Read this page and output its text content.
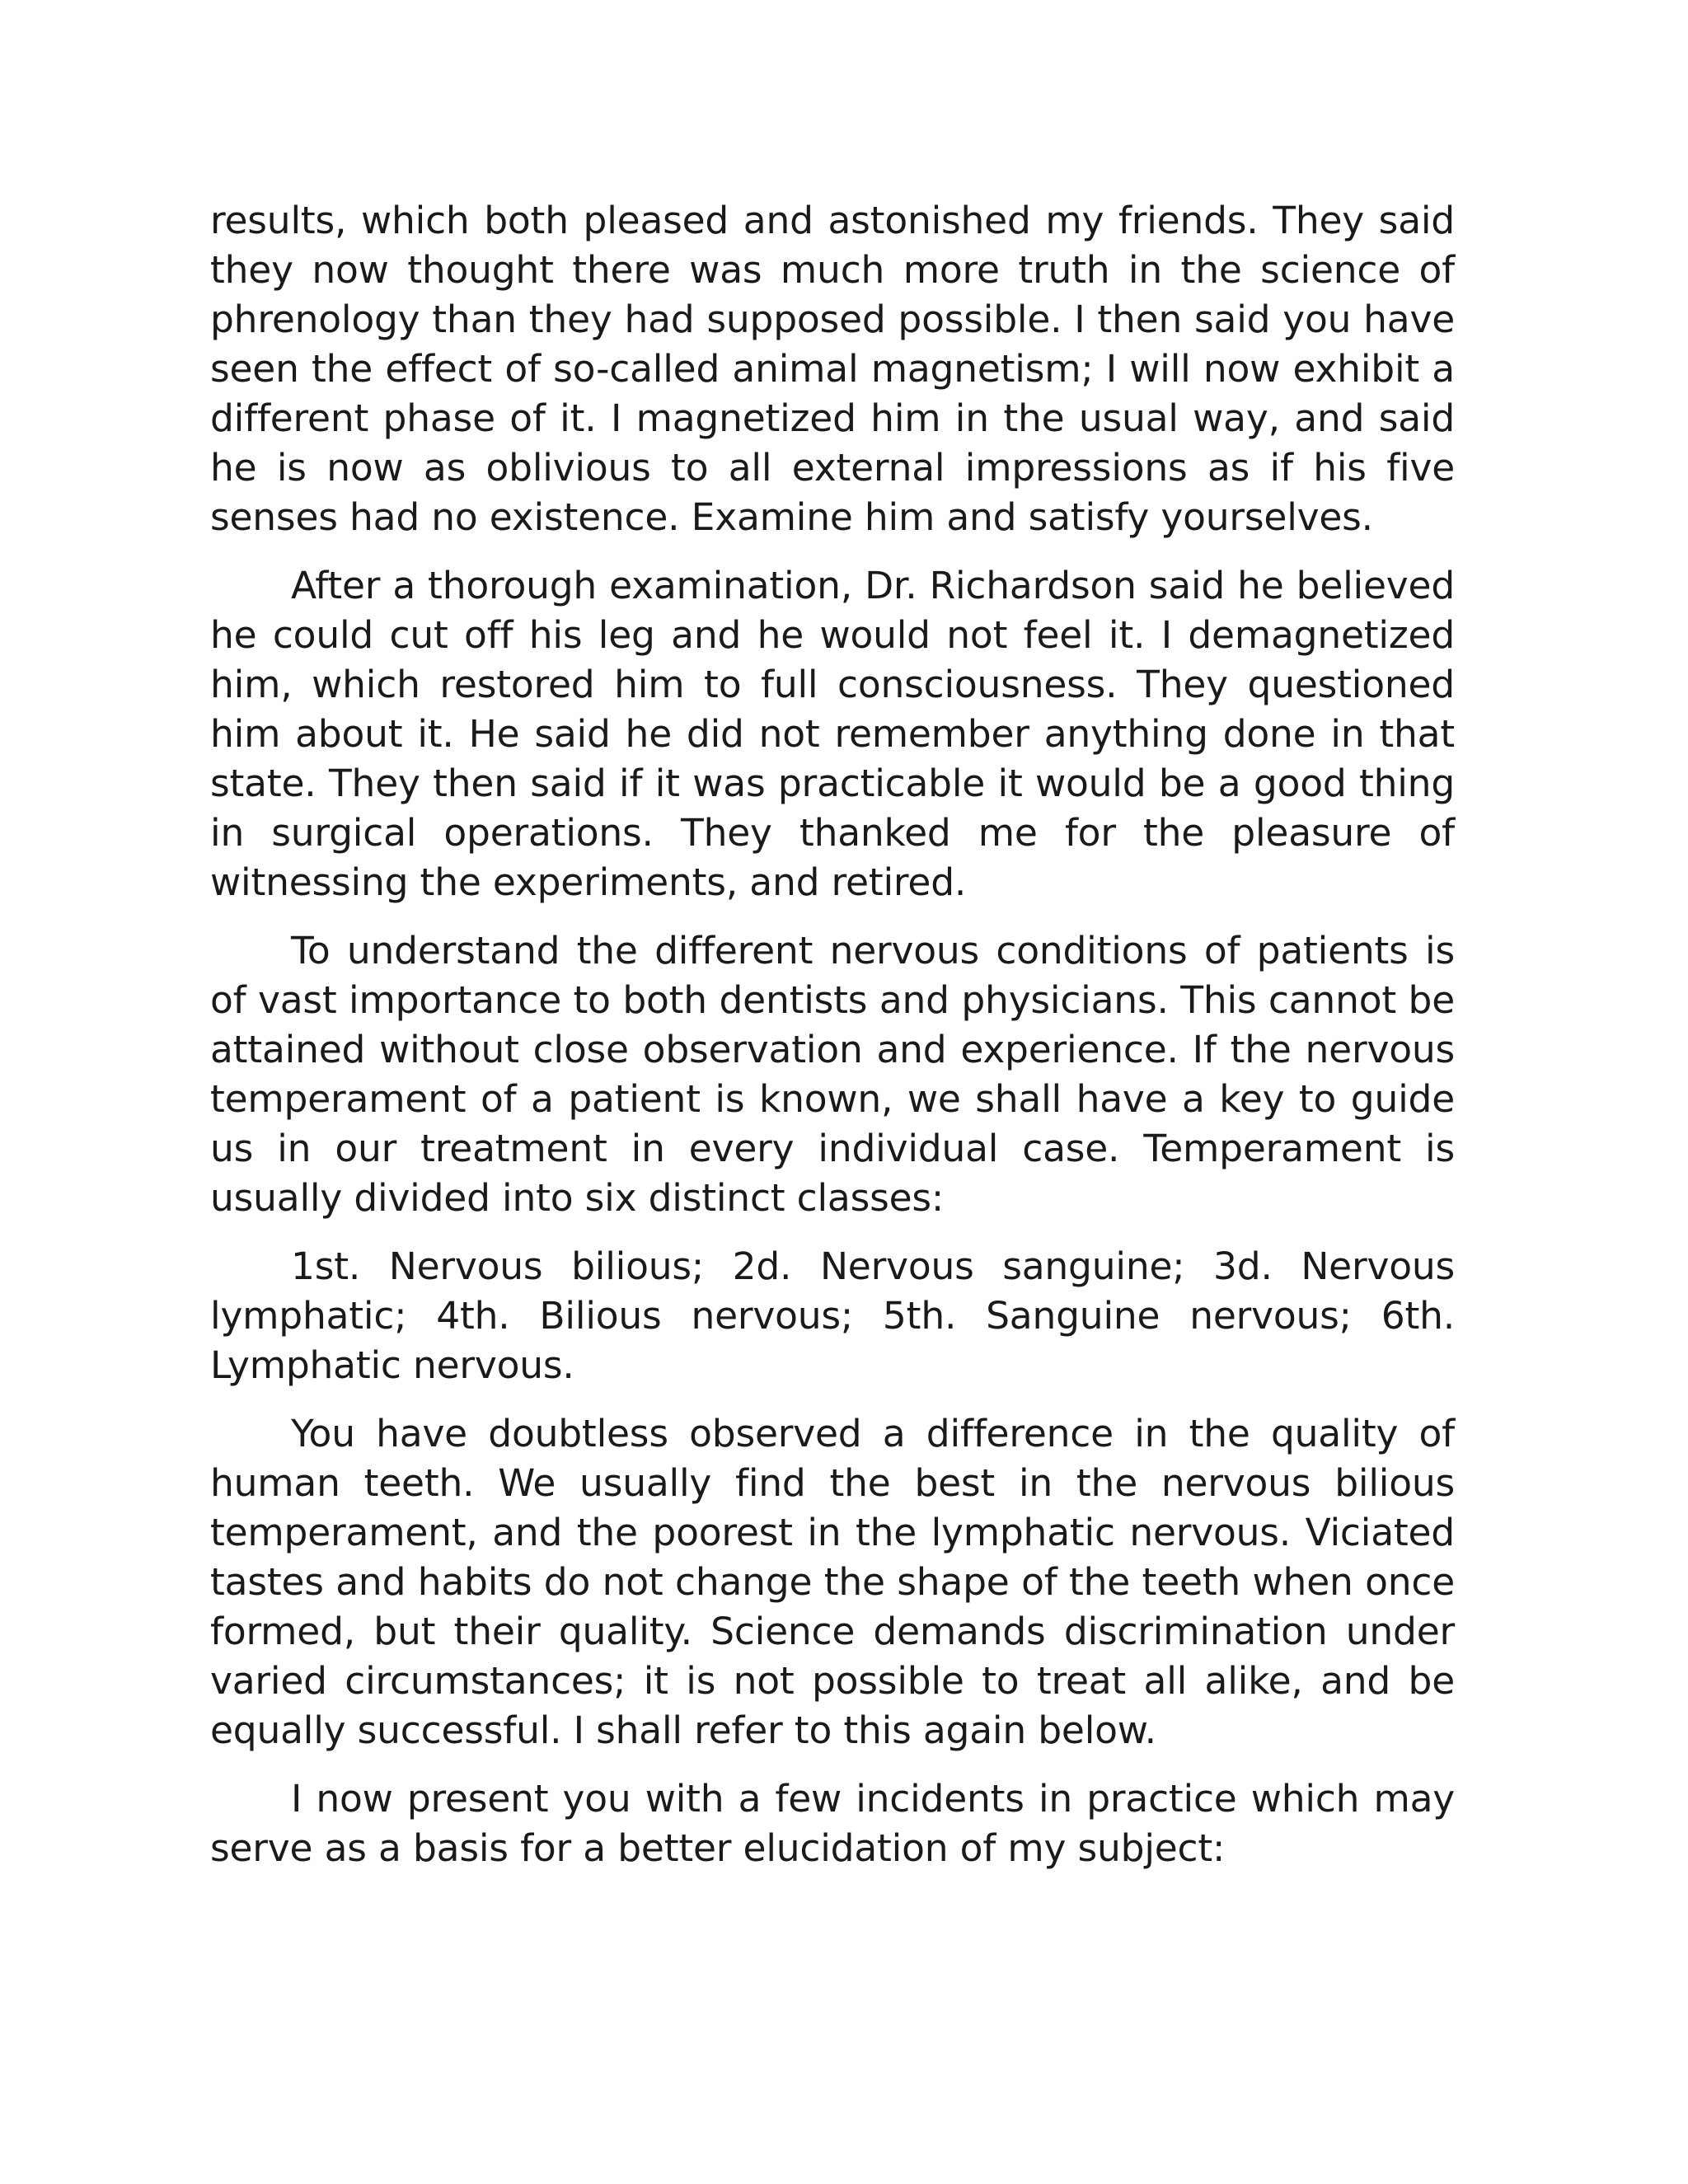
results, which both pleased and astonished my friends. They said they now thought there was much more truth in the science of phrenology than they had supposed possible. I then said you have seen the effect of so-called animal magnetism; I will now exhibit a different phase of it. I magnetized him in the usual way, and said he is now as oblivious to all external impressions as if his five senses had no existence. Examine him and satisfy yourselves.

After a thorough examination, Dr. Richardson said he believed he could cut off his leg and he would not feel it. I demagnetized him, which restored him to full consciousness. They questioned him about it. He said he did not remember anything done in that state. They then said if it was practicable it would be a good thing in surgical operations. They thanked me for the pleasure of witnessing the experiments, and retired.

To understand the different nervous conditions of patients is of vast importance to both dentists and physicians. This cannot be attained without close observation and experience. If the nervous temperament of a patient is known, we shall have a key to guide us in our treatment in every individual case. Temperament is usually divided into six distinct classes:

1st. Nervous bilious; 2d. Nervous sanguine; 3d. Nervous lymphatic; 4th. Bilious nervous; 5th. Sanguine nervous; 6th. Lymphatic nervous.

You have doubtless observed a difference in the quality of human teeth. We usually find the best in the nervous bilious temperament, and the poorest in the lymphatic nervous. Viciated tastes and habits do not change the shape of the teeth when once formed, but their quality. Science demands discrimination under varied circumstances; it is not possible to treat all alike, and be equally successful. I shall refer to this again below.

I now present you with a few incidents in practice which may serve as a basis for a better elucidation of my subject:
